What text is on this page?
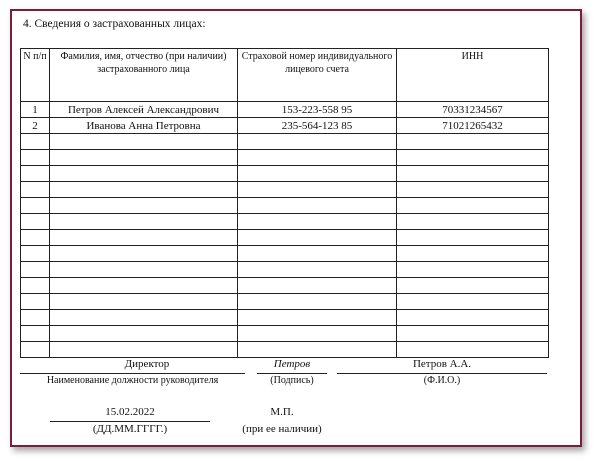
4. Сведения о застрахованных лицах:
N п/п	Фамилия, имя, отчество (при наличии) застрахованного лица	Страховой номер индивидуального лицевого счета	ИНН
1	Петров Алексей Александрович	153-223-558 95	70331234567
2	Иванова Анна Петровна	235-564-123 85	71021265432

Директор
Наименование должности руководителя
Петров
(Подпись)
Петров А.А.
(Ф.И.О.)
15.02.2022
(ДД.ММ.ГГГГ.)
М.П.
(при ее наличии)
